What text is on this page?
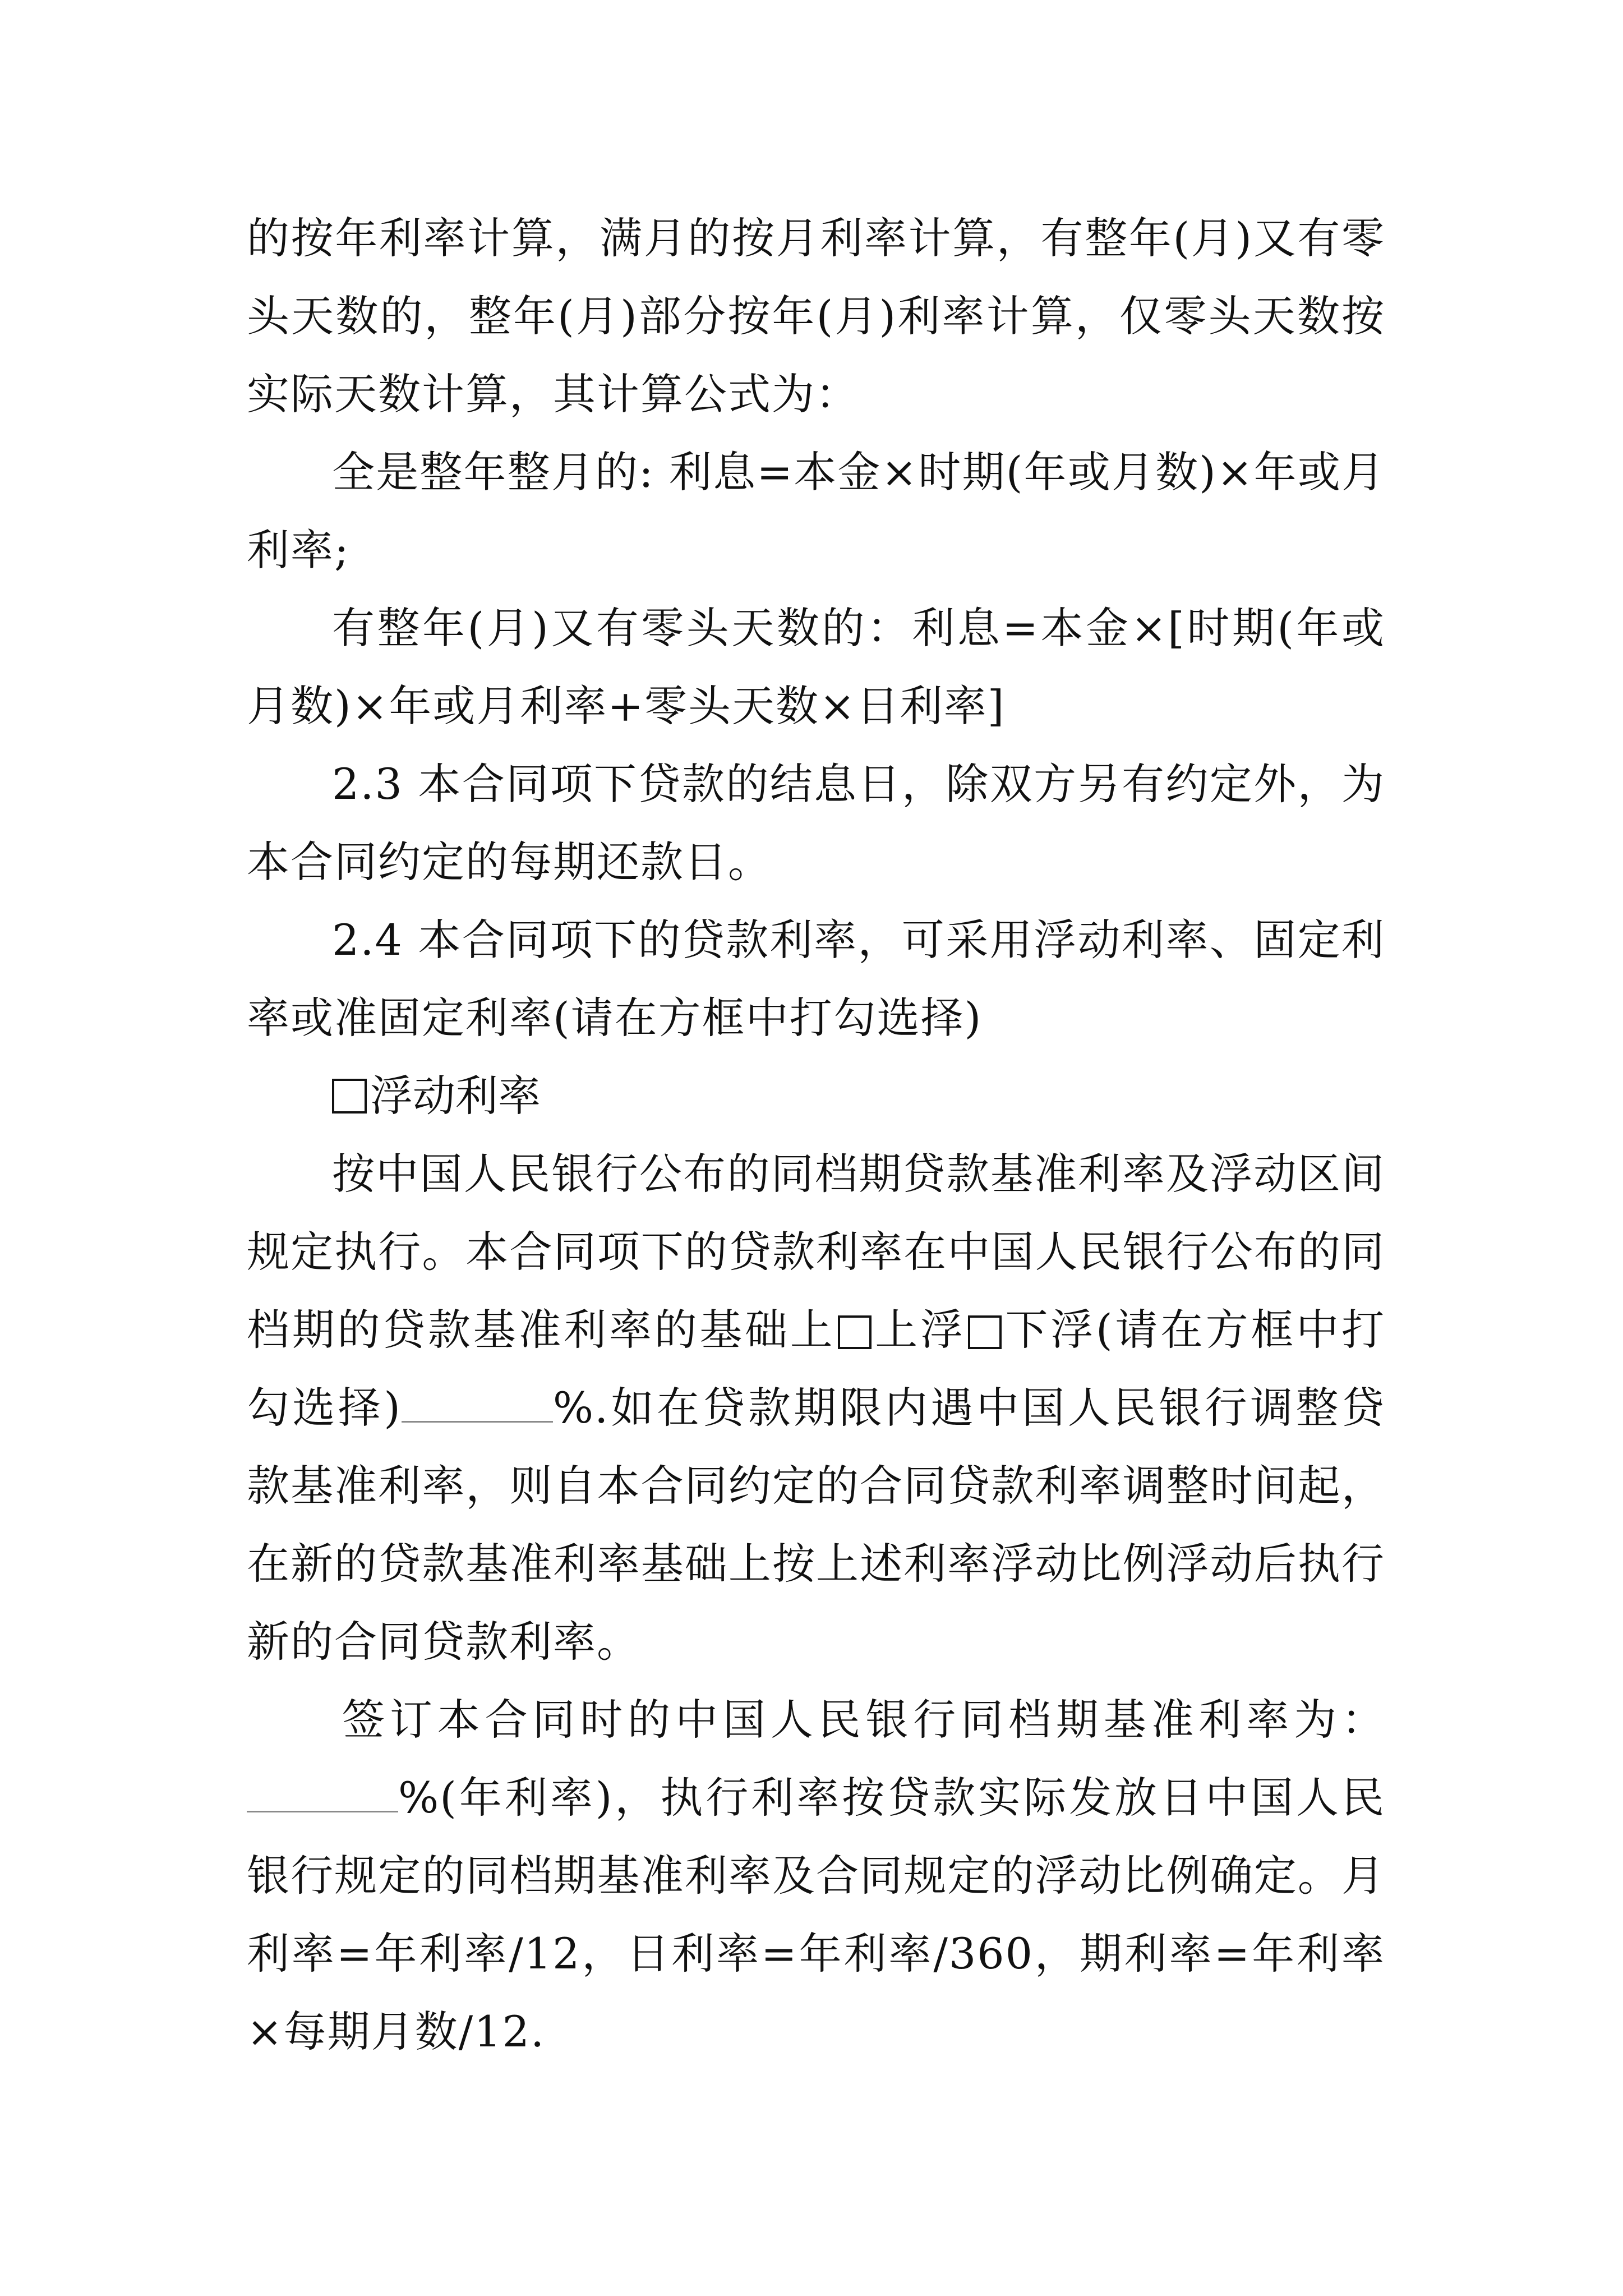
的按年利率计算，满月的按月利率计算，有整年(月)又有零头天数的，整年(月)部分按年(月)利率计算，仅零头天数按实际天数计算，其计算公式为：

全是整年整月的: 利息=本金×时期(年或月数)×年或月利率;

有整年(月)又有零头天数的：利息=本金×[时期(年或月数)×年或月利率+零头天数×日利率]

2.3 本合同项下贷款的结息日，除双方另有约定外，为本合同约定的每期还款日。

2.4 本合同项下的贷款利率，可采用浮动利率、固定利率或准固定利率(请在方框中打勾选择)

浮动利率

按中国人民银行公布的同档期贷款基准利率及浮动区间规定执行。本合同项下的贷款利率在中国人民银行公布的同档期的贷款基准利率的基础上 上浮 下浮(请在方框中打勾选择)	%.如在贷款期限内遇中国人民银行调整贷款基准利率，则自本合同约定的合同贷款利率调整时间起，在新的贷款基准利率基础上按上述利率浮动比例浮动后执行新的合同贷款利率。

签订本合同时的中国人民银行同档期基准利率为：%(年利率)，执行利率按贷款实际发放日中国人民银行规定的同档期基准利率及合同规定的浮动比例确定。月利率=年利率/12，日利率=年利率/360，期利率=年利率×每期月数/12.
